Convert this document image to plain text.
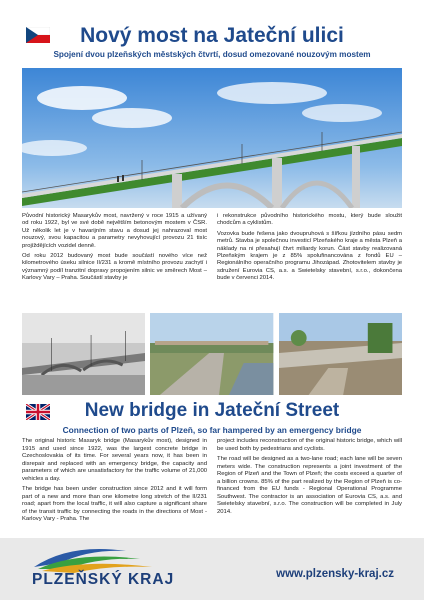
Nový most na Jateční ulici
Spojení dvou plzeňských městských čtvrtí, dosud omezované nouzovým mostem

Původní historický Masarykův most, navržený v roce 1915 a užívaný od roku 1922, byl ve své době největším betonovým mostem v ČSR. Už několik let je v havarijním stavu a dosud jej nahrazoval most nouzový, svou kapacitou a parametry nevyhovující provozu 21 tisíc projíždějících vozidel denně.

Od roku 2012 budovaný most bude součástí nového více než kilometrového úseku silnice II/231 a kromě místního provozu zachytí i významný podíl tranzitní dopravy propojením silnic ve směrech Most – Karlovy Vary – Praha. Součástí stavby je

i rekonstrukce původního historického mostu, který bude sloužit chodcům a cyklistům.

Vozovka bude řešena jako dvoupruhová s šířkou jízdního pásu sedm metrů. Stavba je společnou investicí Plzeňského kraje a města Plzeň a náklady na ni přesahují čtvrt miliardy korun. Část stavby realizovaná Plzeňským krajem je z 85% spolufinancována z fondů EU – Regionálního operačního programu Jihozápad. Zhotovitelem stavby je sdružení Eurovia CS, a.s. a Swietelsky stavební, s.r.o., dokončena bude v červenci 2014.

New bridge in Jateční Street
Connection of two parts of Plzeň, so far hampered by an emergency bridge

The original historic Masaryk bridge (Masarykův most), designed in 1915 and used since 1922, was the largest concrete bridge in Czechoslovakia of its time. For several years now, it has been in disrepair and replaced with an emergency bridge, the capacity and parameters of which are unsatisfactory for the traffic volume of 21,000 vehicles a day.

The bridge has been under construction since 2012 and it will form part of a new and more than one kilometre long stretch of the II/231 road; apart from the local traffic, it will also capture a significant share of the transit traffic by connecting the roads in the directions of Most - Karlovy Vary - Praha. The

project includes reconstruction of the original historic bridge, which will be used both by pedestrians and cyclists.

The road will be designed as a two-lane road; each lane will be seven meters wide. The construction represents a joint investment of the Region of Plzeň and the Town of Plzeň; the costs exceed a quarter of a billion crowns. 85% of the part realized by the Region of Plzeň is co-financed from the EU funds - Regional Operational Programme Southwest. The contractor is an association of Eurovia CS, a.s. and Swietelsky stavební, s.r.o. The construction will be completed in July 2014.

PLZEŇSKÝ KRAJ	www.plzensky-kraj.cz
